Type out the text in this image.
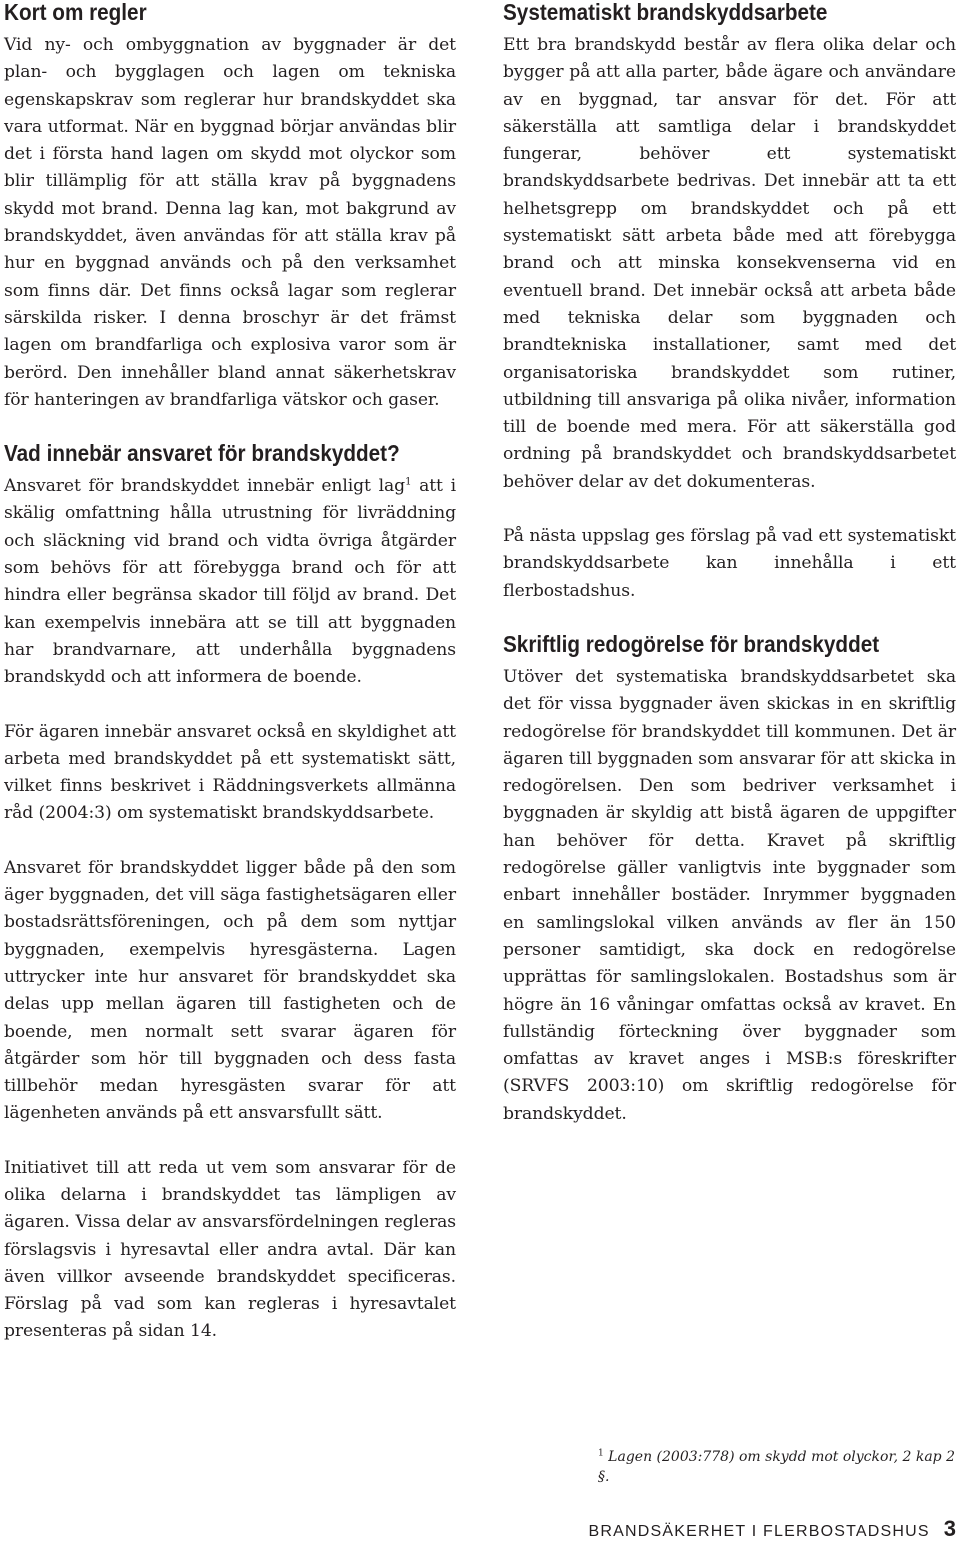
Kort om regler

Vid ny- och ombyggnation av byggnader är det plan- och bygglagen och lagen om tekniska egenskapskrav som reglerar hur brandskyddet ska vara utformat. När en byggnad börjar användas blir det i första hand lagen om skydd mot olyckor som blir tillämplig för att ställa krav på byggnadens skydd mot brand. Denna lag kan, mot bakgrund av brandskyddet, även användas för att ställa krav på hur en byggnad används och på den verksamhet som finns där. Det finns också lagar som reglerar särskilda risker. I denna broschyr är det främst lagen om brandfarliga och explosiva varor som är berörd. Den innehåller bland annat säkerhetskrav för hanteringen av brandfarliga vätskor och gaser.

Vad innebär ansvaret för brandskyddet?

Ansvaret för brandskyddet innebär enligt lag$^1$ att i skälig omfattning hålla utrustning för livräddning och släckning vid brand och vidta övriga åtgärder som behövs för att förebygga brand och för att hindra eller begränsa skador till följd av brand. Det kan exempelvis innebära att se till att byggnaden har brandvarnare, att underhålla byggnadens brandskydd och att informera de boende.

För ägaren innebär ansvaret också en skyldighet att arbeta med brandskyddet på ett systematiskt sätt, vilket finns beskrivet i Räddningsverkets allmänna råd (2004:3) om systematiskt brandskyddsarbete.

Ansvaret för brandskyddet ligger både på den som äger byggnaden, det vill säga fastighetsägaren eller bostadsrättsföreningen, och på dem som nyttjar byggnaden, exempelvis hyresgästerna. Lagen uttrycker inte hur ansvaret för brandskyddet ska delas upp mellan ägaren till fastigheten och de boende, men normalt sett svarar ägaren för åtgärder som hör till byggnaden och dess fasta tillbehör medan hyresgästen svarar för att lägenheten används på ett ansvarsfullt sätt.

Initiativet till att reda ut vem som ansvarar för de olika delarna i brandskyddet tas lämpligen av ägaren. Vissa delar av ansvarsfördelningen regleras förslagsvis i hyresavtal eller andra avtal. Där kan även villkor avseende brandskyddet specificeras. Förslag på vad som kan regleras i hyresavtalet presenteras på sidan 14.

Systematiskt brandskyddsarbete

Ett bra brandskydd består av flera olika delar och bygger på att alla parter, både ägare och användare av en byggnad, tar ansvar för det. För att säkerställa att samtliga delar i brandskyddet fungerar, behöver ett systematiskt brandskyddsarbete bedrivas. Det innebär att ta ett helhetsgrepp om brandskyddet och på ett systematiskt sätt arbeta både med att förebygga brand och att minska konsekvenserna vid en eventuell brand. Det innebär också att arbeta både med tekniska delar som byggnaden och brandtekniska installationer, samt med det organisatoriska brandskyddet som rutiner, utbildning till ansvariga på olika nivåer, information till de boende med mera. För att säkerställa god ordning på brandskyddet och brandskyddsarbetet behöver delar av det dokumenteras.

På nästa uppslag ges förslag på vad ett systematiskt brandskyddsarbete kan innehålla i ett flerbostadshus.

Skriftlig redogörelse för brandskyddet

Utöver det systematiska brandskyddsarbetet ska det för vissa byggnader även skickas in en skriftlig redogörelse för brandskyddet till kommunen. Det är ägaren till byggnaden som ansvarar för att skicka in redogörelsen. Den som bedriver verksamhet i byggnaden är skyldig att bistå ägaren de uppgifter han behöver för detta. Kravet på skriftlig redogörelse gäller vanligtvis inte byggnader som enbart innehåller bostäder. Inrymmer byggnaden en samlingslokal vilken används av fler än 150 personer samtidigt, ska dock en redogörelse upprättas för samlingslokalen. Bostadshus som är högre än 16 våningar omfattas också av kravet. En fullständig förteckning över byggnader som omfattas av kravet anges i MSB:s föreskrifter (SRVFS 2003:10) om skriftlig redogörelse för brandskyddet.

$^1$ Lagen (2003:778) om skydd mot olyckor, 2 kap 2 §.
BRANDSÄKERHET I FLERBOSTADSHUS 3
